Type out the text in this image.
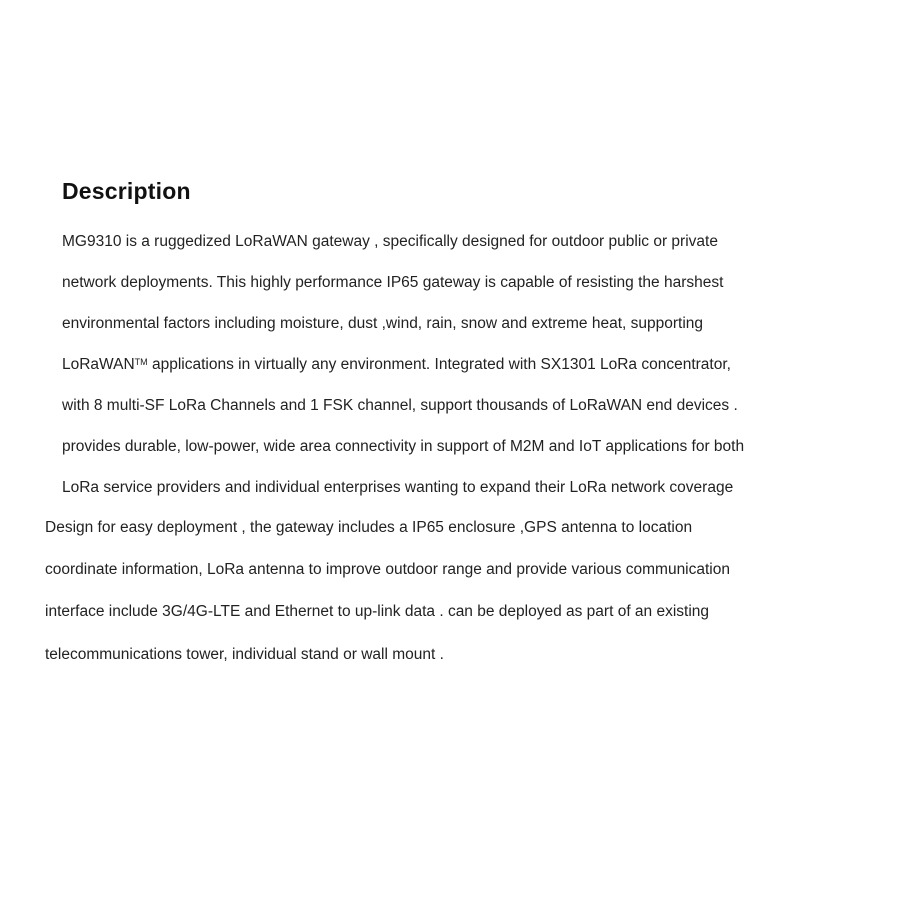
Description
MG9310 is a ruggedized LoRaWAN gateway , specifically designed for outdoor public or private
network deployments. This highly performance IP65 gateway is capable of resisting the harshest
environmental factors including moisture, dust ,wind, rain, snow and extreme heat, supporting
LoRaWAN™ applications in virtually any environment. Integrated with SX1301 LoRa concentrator,
with 8 multi-SF LoRa Channels and 1 FSK channel, support thousands of LoRaWAN end devices .
provides durable, low-power, wide area connectivity in support of M2M and IoT applications for both
LoRa service providers and individual enterprises wanting to expand their LoRa network coverage
Design for easy deployment , the gateway includes a IP65 enclosure ,GPS antenna to location
coordinate information, LoRa antenna to improve outdoor range and provide various communication
interface include 3G/4G-LTE and Ethernet to up-link data . can be deployed as part of an existing
telecommunications tower, individual stand or wall mount .
